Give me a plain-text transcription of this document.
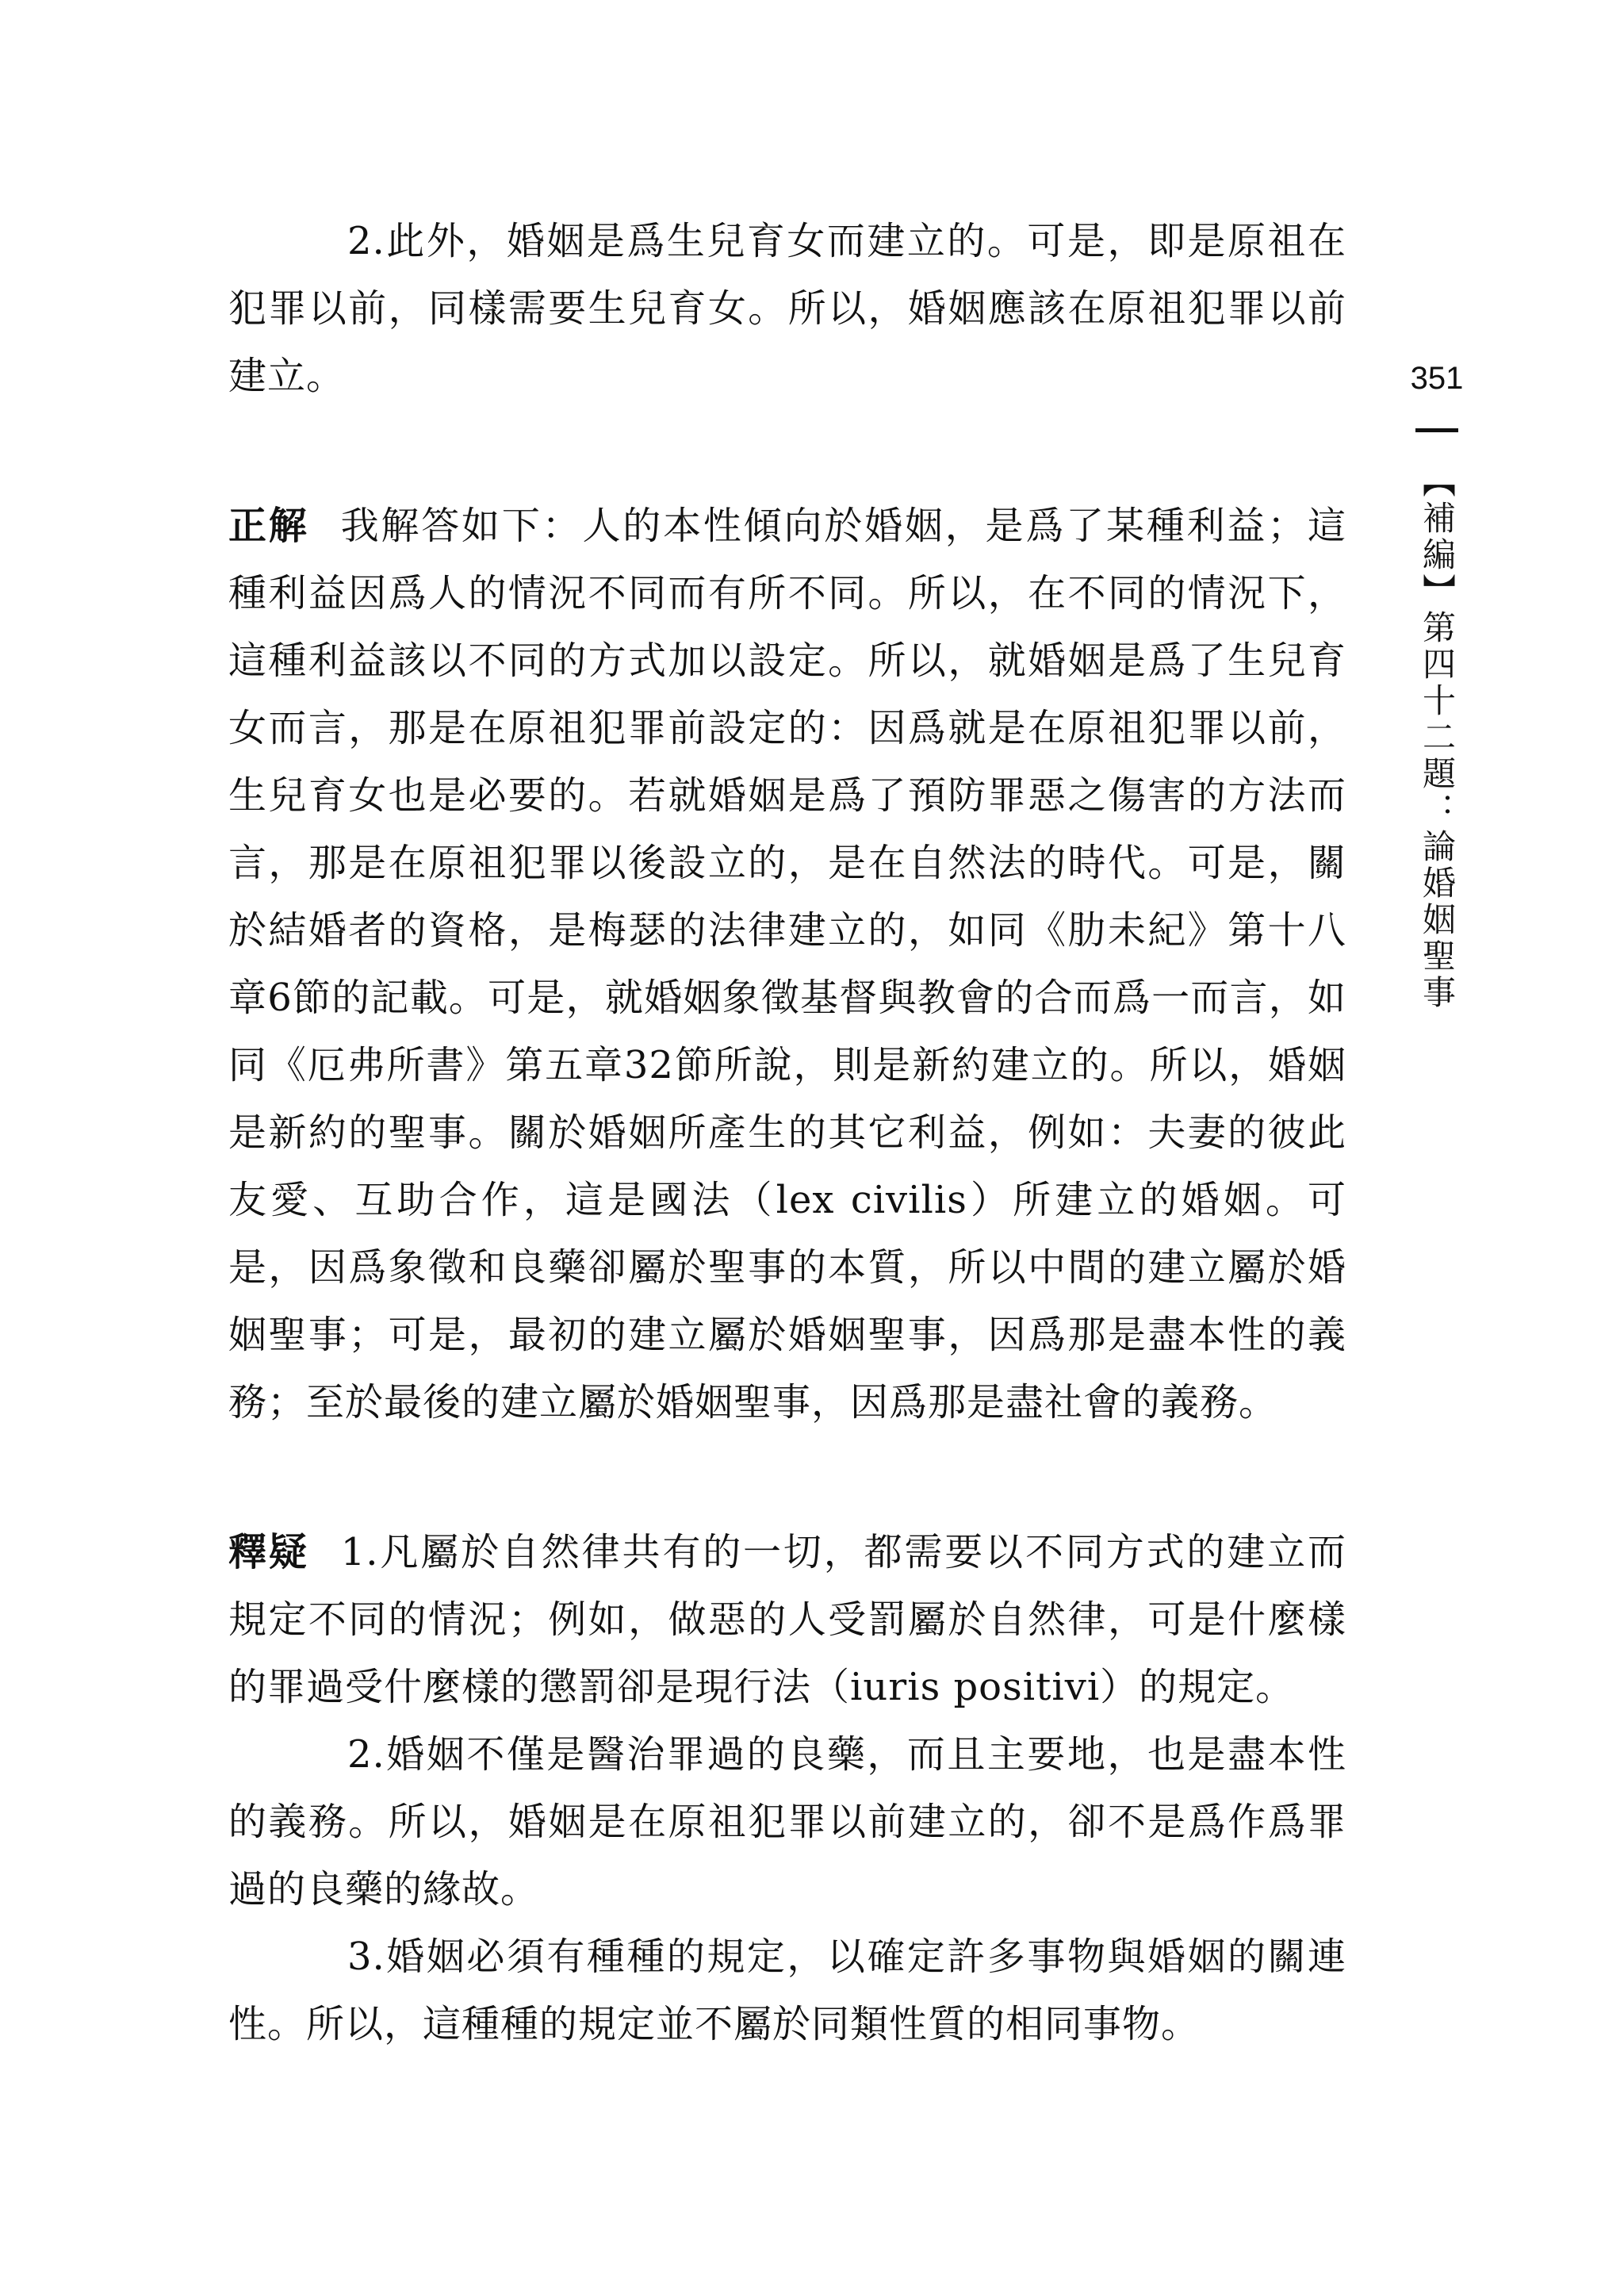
351
【補編】第四十二題：論婚姻聖事

2.此外，婚姻是爲生兒育女而建立的。可是，即是原祖在犯罪以前，同樣需要生兒育女。所以，婚姻應該在原祖犯罪以前建立。

正解 我解答如下：人的本性傾向於婚姻，是爲了某種利益；這種利益因爲人的情況不同而有所不同。所以，在不同的情況下，這種利益該以不同的方式加以設定。所以，就婚姻是爲了生兒育女而言，那是在原祖犯罪前設定的：因爲就是在原祖犯罪以前，生兒育女也是必要的。若就婚姻是爲了預防罪惡之傷害的方法而言，那是在原祖犯罪以後設立的，是在自然法的時代。可是，關於結婚者的資格，是梅瑟的法律建立的，如同《肋未紀》第十八章6節的記載。可是，就婚姻象徵基督與教會的合而爲一而言，如同《厄弗所書》第五章32節所說，則是新約建立的。所以，婚姻是新約的聖事。關於婚姻所產生的其它利益，例如：夫妻的彼此友愛、互助合作，這是國法（lex civilis）所建立的婚姻。可是，因爲象徵和良藥卻屬於聖事的本質，所以中間的建立屬於婚姻聖事；可是，最初的建立屬於婚姻聖事，因爲那是盡本性的義務；至於最後的建立屬於婚姻聖事，因爲那是盡社會的義務。

釋疑 1.凡屬於自然律共有的一切，都需要以不同方式的建立而規定不同的情況；例如，做惡的人受罰屬於自然律，可是什麼樣的罪過受什麼樣的懲罰卻是現行法（iuris positivi）的規定。

2.婚姻不僅是醫治罪過的良藥，而且主要地，也是盡本性的義務。所以，婚姻是在原祖犯罪以前建立的，卻不是爲作爲罪過的良藥的緣故。

3.婚姻必須有種種的規定，以確定許多事物與婚姻的關連性。所以，這種種的規定並不屬於同類性質的相同事物。
